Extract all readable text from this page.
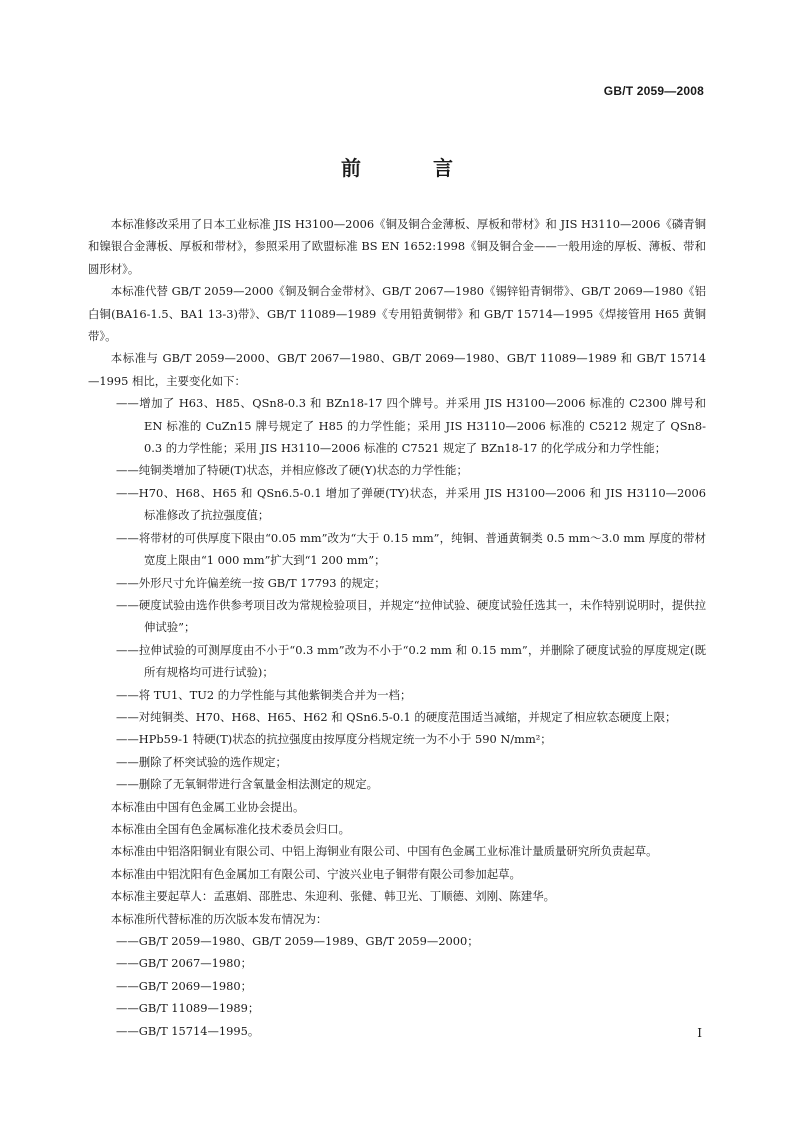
GB/T 2059—2008
前　言

本标准修改采用了日本工业标准 JIS H3100—2006《铜及铜合金薄板、厚板和带材》和 JIS H3110—2006《磷青铜和镍银合金薄板、厚板和带材》，参照采用了欧盟标准 BS EN 1652:1998《铜及铜合金——一般用途的厚板、薄板、带和圆形材》。

本标准代替 GB/T 2059—2000《铜及铜合金带材》、GB/T 2067—1980《锡锌铅青铜带》、GB/T 2069—1980《铝白铜(BA16-1.5、BA1 13-3)带》、GB/T 11089—1989《专用铅黄铜带》和 GB/T 15714—1995《焊接管用 H65 黄铜带》。

本标准与 GB/T 2059—2000、GB/T 2067—1980、GB/T 2069—1980、GB/T 11089—1989 和 GB/T 15714—1995 相比，主要变化如下：

——增加了 H63、H85、QSn8-0.3 和 BZn18-17 四个牌号。并采用 JIS H3100—2006 标准的 C2300 牌号和 EN 标准的 CuZn15 牌号规定了 H85 的力学性能；采用 JIS H3110—2006 标准的 C5212 规定了 QSn8-0.3 的力学性能；采用 JIS H3110—2006 标准的 C7521 规定了 BZn18-17 的化学成分和力学性能；

——纯铜类增加了特硬(T)状态，并相应修改了硬(Y)状态的力学性能；

——H70、H68、H65 和 QSn6.5-0.1 增加了弹硬(TY)状态，并采用 JIS H3100—2006 和 JIS H3110—2006 标准修改了抗拉强度值；

——将带材的可供厚度下限由“0.05 mm”改为“大于 0.15 mm”，纯铜、普通黄铜类 0.5 mm～3.0 mm 厚度的带材宽度上限由“1 000 mm”扩大到“1 200 mm”；

——外形尺寸允许偏差统一按 GB/T 17793 的规定；

——硬度试验由选作供参考项目改为常规检验项目，并规定“拉伸试验、硬度试验任选其一，未作特别说明时，提供拉伸试验”；

——拉伸试验的可测厚度由不小于“0.3 mm”改为不小于“0.2 mm 和 0.15 mm”，并删除了硬度试验的厚度规定(既所有规格均可进行试验)；

——将 TU1、TU2 的力学性能与其他紫铜类合并为一档；

——对纯铜类、H70、H68、H65、H62 和 QSn6.5-0.1 的硬度范围适当减缩，并规定了相应软态硬度上限；

——HPb59-1 特硬(T)状态的抗拉强度由按厚度分档规定统一为不小于 590 N/mm²；

——删除了杯突试验的选作规定；

——删除了无氧铜带进行含氧量金相法测定的规定。

本标准由中国有色金属工业协会提出。

本标准由全国有色金属标准化技术委员会归口。

本标准由中铝洛阳铜业有限公司、中铝上海铜业有限公司、中国有色金属工业标准计量质量研究所负责起草。

本标准由中铝沈阳有色金属加工有限公司、宁波兴业电子铜带有限公司参加起草。

本标准主要起草人：孟惠娟、邵胜忠、朱迎利、张健、韩卫光、丁顺德、刘刚、陈建华。

本标准所代替标准的历次版本发布情况为：

——GB/T 2059—1980、GB/T 2059—1989、GB/T 2059—2000；

——GB/T 2067—1980；

——GB/T 2069—1980；

——GB/T 11089—1989；

——GB/T 15714—1995。	I
